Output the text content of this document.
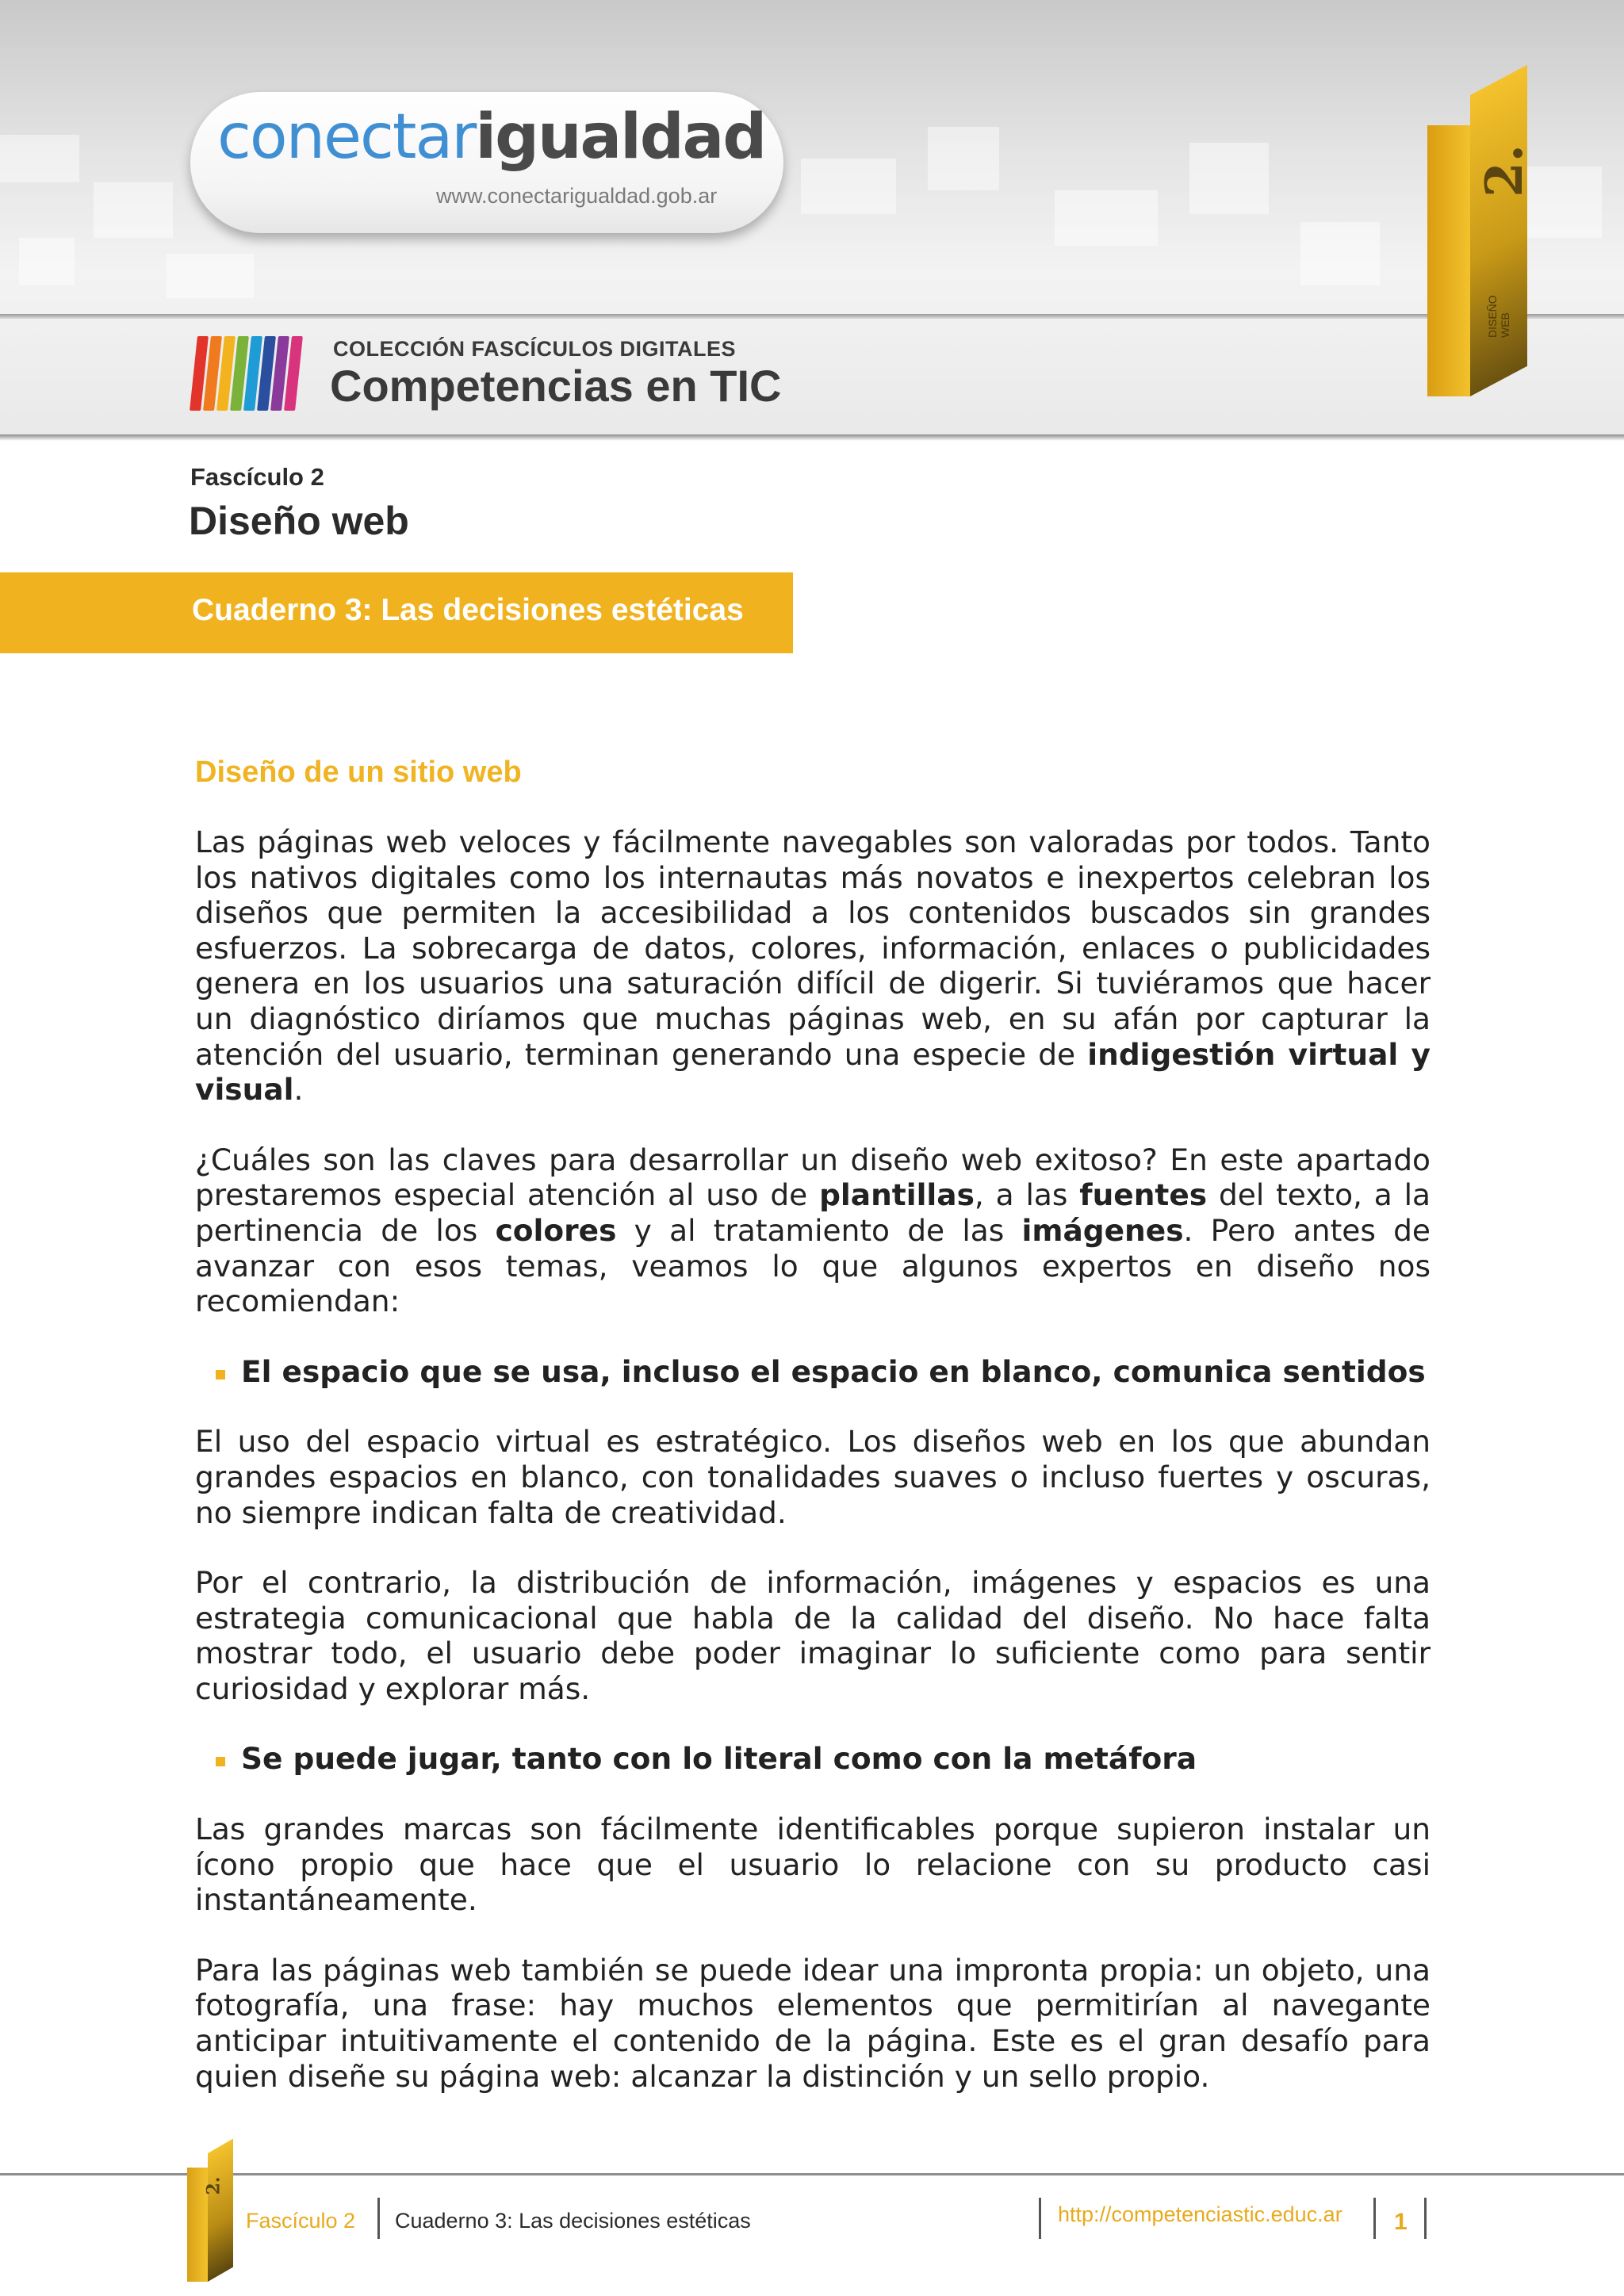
conectarigualdad
www.conectarigualdad.gob.ar
COLECCIÓN FASCÍCULOS DIGITALES
Competencias en TIC
2.
DISEÑO WEB
Fascículo 2
Diseño web
Cuaderno 3: Las decisiones estéticas
Diseño de un sitio web

Las páginas web veloces y fácilmente navegables son valoradas por todos. Tanto los nativos digitales como los internautas más novatos e inexpertos celebran los diseños que permiten la accesibilidad a los contenidos buscados sin grandes esfuerzos. La sobrecarga de datos, colores, información, enlaces o publicidades genera en los usuarios una saturación difícil de digerir. Si tuviéramos que hacer un diagnóstico diríamos que muchas páginas web, en su afán por capturar la atención del usuario, terminan generando una especie de indigestión virtual y visual.

¿Cuáles son las claves para desarrollar un diseño web exitoso? En este apartado prestaremos especial atención al uso de plantillas, a las fuentes del texto, a la pertinencia de los colores y al tratamiento de las imágenes. Pero antes de avanzar con esos temas, veamos lo que algunos expertos en diseño nos recomiendan:

El espacio que se usa, incluso el espacio en blanco, comunica sentidos

El uso del espacio virtual es estratégico. Los diseños web en los que abundan grandes espacios en blanco, con tonalidades suaves o incluso fuertes y oscuras, no siempre indican falta de creatividad.

Por el contrario, la distribución de información, imágenes y espacios es una estrategia comunicacional que habla de la calidad del diseño. No hace falta mostrar todo, el usuario debe poder imaginar lo suficiente como para sentir curiosidad y explorar más.

Se puede jugar, tanto con lo literal como con la metáfora

Las grandes marcas son fácilmente identificables porque supieron instalar un ícono propio que hace que el usuario lo relacione con su producto casi instantáneamente.

Para las páginas web también se puede idear una impronta propia: un objeto, una fotografía, una frase: hay muchos elementos que permitirían al navegante anticipar intuitivamente el contenido de la página. Este es el gran desafío para quien diseñe su página web: alcanzar la distinción y un sello propio.

2.
Fascículo 2 Cuaderno 3: Las decisiones estéticas	http://competenciastic.educ.ar 1
